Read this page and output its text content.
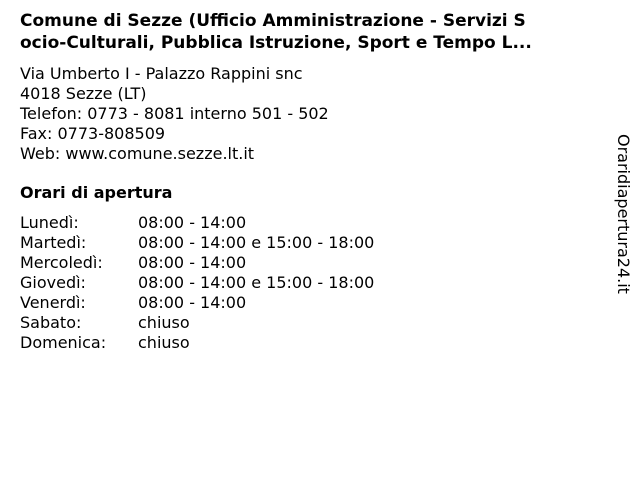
Comune di Sezze (Ufficio Amministrazione - Servizi S
ocio-Culturali, Pubblica Istruzione, Sport e Tempo L...
Via Umberto I - Palazzo Rappini snc
4018 Sezze (LT)
Telefon: 0773 - 8081 interno 501 - 502
Fax: 0773-808509
Web: www.comune.sezze.lt.it
Orari di apertura
Lunedì:	08:00 - 14:00
Martedì:	08:00 - 14:00 e 15:00 - 18:00
Mercoledì:	08:00 - 14:00
Giovedì:	08:00 - 14:00 e 15:00 - 18:00
Venerdì:	08:00 - 14:00
Sabato:	chiuso
Domenica:	chiuso
Oraridiapertura24.it
